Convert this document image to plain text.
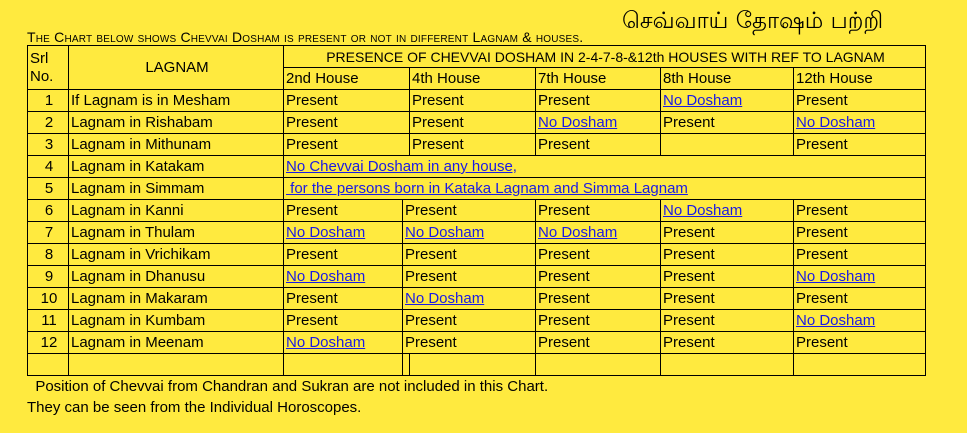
The Chart below shows Chevvai Dosham is present or not in different Lagnam & houses.
செவ்வாய் தோஷம் பற்றி
Srl
No.	LAGNAM	PRESENCE OF CHEVVAI DOSHAM IN 2-4-7-8-&12th HOUSES WITH REF TO LAGNAM					
		2nd House		4th House	7th House	8th House	12th House
1	If Lagnam is in Mesham	Present		Present	Present	No Dosham	Present
2	Lagnam in Rishabam	Present		Present	No Dosham	Present	No Dosham
3	Lagnam in Mithunam	Present		Present	Present		Present
4	Lagnam in Katakam	No Chevvai Dosham in any house,					
5	Lagnam in Simmam	for the persons born in Kataka Lagnam and Simma Lagnam					
6	Lagnam in Kanni	Present	Present		Present	No Dosham	Present
7	Lagnam in Thulam	No Dosham	No Dosham		No Dosham	Present	Present
8	Lagnam in Vrichikam	Present	Present		Present	Present	Present
9	Lagnam in Dhanusu	No Dosham	Present		Present	Present	No Dosham
10	Lagnam in Makaram	Present	No Dosham		Present	Present	Present
11	Lagnam in Kumbam	Present	Present		Present	Present	No Dosham
12	Lagnam in Meenam	No Dosham	Present		Present	Present	Present

Position of Chevvai from Chandran and Sukran are not included in this Chart.
They can be seen from the Individual Horoscopes.
